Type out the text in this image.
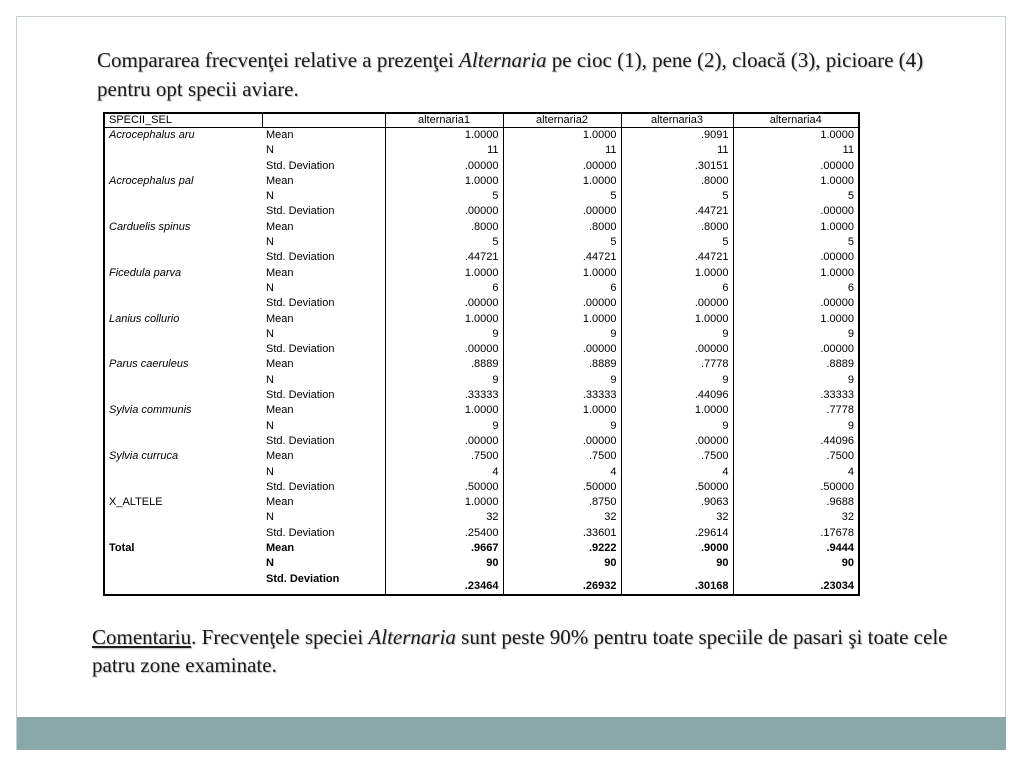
Compararea frecvenţei relative a prezenţei Alternaria pe cioc (1), pene (2), cloacă (3), picioare (4) pentru opt specii aviare.
SPECII_SEL		alternaria1	alternaria2	alternaria3	alternaria4
Acrocephalus aru	Mean	1.0000	1.0000	.9091	1.0000
	N	11	11	11	11
	Std. Deviation	.00000	.00000	.30151	.00000
Acrocephalus pal	Mean	1.0000	1.0000	.8000	1.0000
	N	5	5	5	5
	Std. Deviation	.00000	.00000	.44721	.00000
Carduelis spinus	Mean	.8000	.8000	.8000	1.0000
	N	5	5	5	5
	Std. Deviation	.44721	.44721	.44721	.00000
Ficedula parva	Mean	1.0000	1.0000	1.0000	1.0000
	N	6	6	6	6
	Std. Deviation	.00000	.00000	.00000	.00000
Lanius collurio	Mean	1.0000	1.0000	1.0000	1.0000
	N	9	9	9	9
	Std. Deviation	.00000	.00000	.00000	.00000
Parus caeruleus	Mean	.8889	.8889	.7778	.8889
	N	9	9	9	9
	Std. Deviation	.33333	.33333	.44096	.33333
Sylvia communis	Mean	1.0000	1.0000	1.0000	.7778
	N	9	9	9	9
	Std. Deviation	.00000	.00000	.00000	.44096
Sylvia curruca	Mean	.7500	.7500	.7500	.7500
	N	4	4	4	4
	Std. Deviation	.50000	.50000	.50000	.50000
X_ALTELE	Mean	1.0000	.8750	.9063	.9688
	N	32	32	32	32
	Std. Deviation	.25400	.33601	.29614	.17678
Total	Mean	.9667	.9222	.9000	.9444
	N	90	90	90	90
	Std. Deviation	.23464	.26932	.30168	.23034
Comentariu. Frecvenţele speciei Alternaria sunt peste 90% pentru toate speciile de pasari şi toate cele patru zone examinate.
